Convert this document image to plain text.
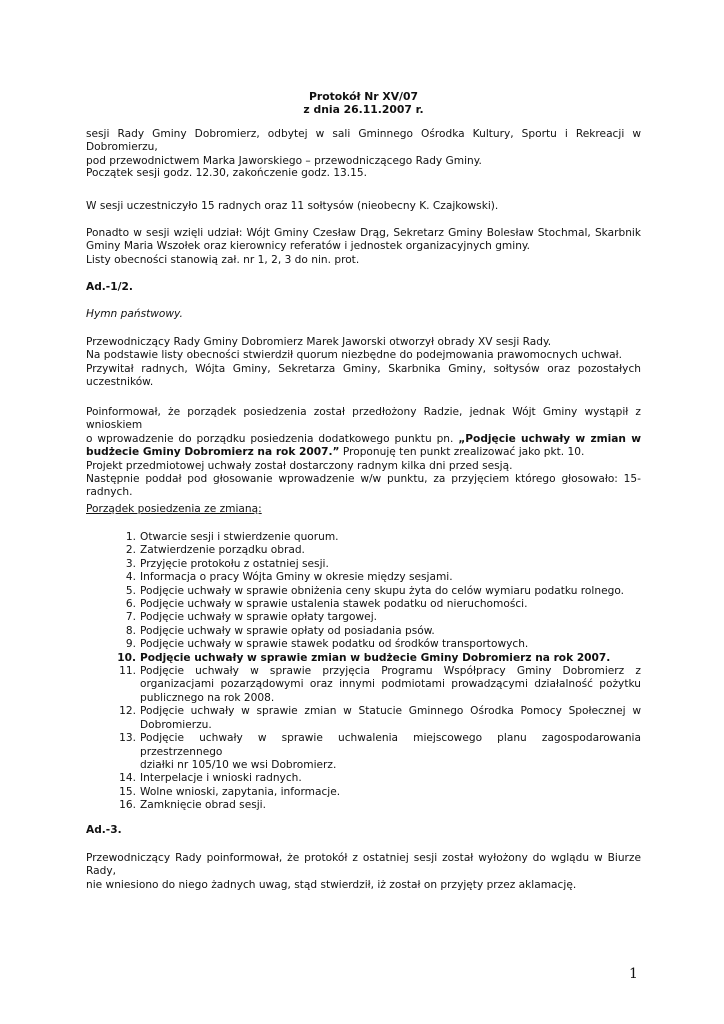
Protokół Nr XV/07
z dnia 26.11.2007 r.
sesji Rady Gminy Dobromierz, odbytej w sali Gminnego Ośrodka Kultury, Sportu i Rekreacji w Dobromierzu,
pod przewodnictwem Marka Jaworskiego – przewodniczącego Rady Gminy.
Początek sesji godz. 12.30, zakończenie godz. 13.15.
W sesji uczestniczyło 15 radnych oraz 11 sołtysów (nieobecny K. Czajkowski).
Ponadto w sesji wzięli udział: Wójt Gminy Czesław Drąg, Sekretarz Gminy Bolesław Stochmal, Skarbnik
Gminy Maria Wszołek oraz kierownicy referatów i jednostek organizacyjnych gminy.
Listy obecności stanowią zał. nr 1, 2, 3 do nin. prot.
Ad.-1/2.
Hymn państwowy.
Przewodniczący Rady Gminy Dobromierz Marek Jaworski otworzył obrady XV sesji Rady.
Na podstawie listy obecności stwierdził quorum niezbędne do podejmowania prawomocnych uchwał.
Przywitał radnych, Wójta Gminy, Sekretarza Gminy, Skarbnika Gminy, sołtysów oraz pozostałych
uczestników.
Poinformował, że porządek posiedzenia został przedłożony Radzie, jednak Wójt Gminy wystąpił z wnioskiem
o wprowadzenie do porządku posiedzenia dodatkowego punktu pn. „Podjęcie uchwały w zmian w
budżecie Gminy Dobromierz na rok 2007.” Proponuję ten punkt zrealizować jako pkt. 10.
Projekt przedmiotowej uchwały został dostarczony radnym kilka dni przed sesją.
Następnie poddał pod głosowanie wprowadzenie w/w punktu, za przyjęciem którego głosowało: 15-
radnych.
Porządek posiedzenia ze zmianą:
1. Otwarcie sesji i stwierdzenie quorum.
2. Zatwierdzenie porządku obrad.
3. Przyjęcie protokołu z ostatniej sesji.
4. Informacja o pracy Wójta Gminy w okresie między sesjami.
5. Podjęcie uchwały w sprawie obniżenia ceny skupu żyta do celów wymiaru podatku rolnego.
6. Podjęcie uchwały w sprawie ustalenia stawek podatku od nieruchomości.
7. Podjęcie uchwały w sprawie opłaty targowej.
8. Podjęcie uchwały w sprawie opłaty od posiadania psów.
9. Podjęcie uchwały w sprawie stawek podatku od środków transportowych.
10. Podjęcie uchwały w sprawie zmian w budżecie Gminy Dobromierz na rok 2007.
11. Podjęcie uchwały w sprawie przyjęcia Programu Współpracy Gminy Dobromierz z
organizacjami pozarządowymi oraz innymi podmiotami prowadzącymi działalność pożytku
publicznego na rok 2008.
12. Podjęcie uchwały w sprawie zmian w Statucie Gminnego Ośrodka Pomocy Społecznej w
Dobromierzu.
13. Podjęcie uchwały w sprawie uchwalenia miejscowego planu zagospodarowania przestrzennego
działki nr 105/10 we wsi Dobromierz.
14. Interpelacje i wnioski radnych.
15. Wolne wnioski, zapytania, informacje.
16. Zamknięcie obrad sesji.
Ad.-3.
Przewodniczący Rady poinformował, że protokół z ostatniej sesji został wyłożony do wglądu w Biurze Rady,
nie wniesiono do niego żadnych uwag, stąd stwierdził, iż został on przyjęty przez aklamację.
1
